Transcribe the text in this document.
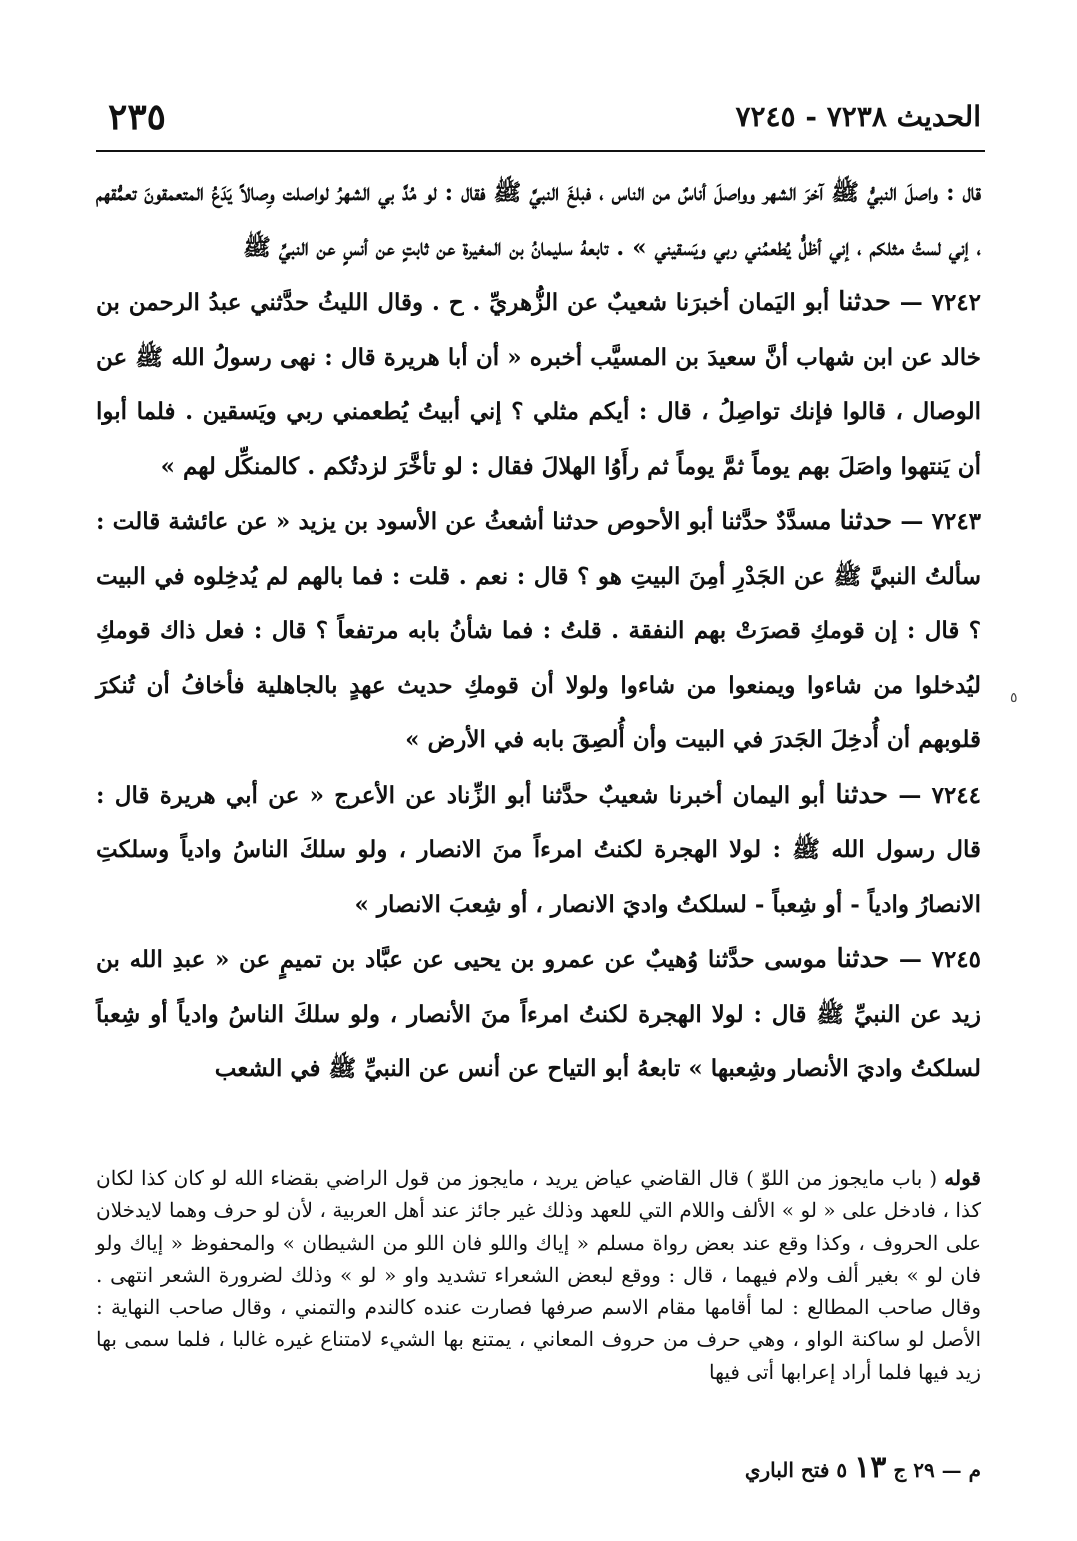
الحديث ٧٢٣٨ - ٧٢٤٥
٢٣٥

قال : واصلَ النبيُّ ﷺ آخرَ الشهر وواصلَ أناسٌ من الناس ، فبلغَ النبيَّ ﷺ فقال : لو مُدَّ بي الشهرُ لواصلت وِصالاً يَدَعُ المتعمقونَ تعمُّقهم ، إني لستُ مثلكم ، إني أظلُّ يُطعمُني ربي ويَسقيني » . تابعهُ سليمانُ بن المغيرة عن ثابتٍ عن أنسٍ عن النبيِّ ﷺ

٧٢٤٢ — حدثنا أبو اليَمان أخبرَنا شعيبٌ عن الزُّهريِّ . ح . وقال الليثُ حدَّثني عبدُ الرحمن بن خالد عن ابن شهاب أنَّ سعيدَ بن المسيَّب أخبره « أن أبا هريرة قال : نهى رسولُ الله ﷺ عن الوصال ، قالوا فإنك تواصِلُ ، قال : أيكم مثلي ؟ إني أبيتُ يُطعمني ربي ويَسقين . فلما أبوا أن يَنتهوا واصَلَ بهم يوماً ثمَّ يوماً ثم رأَوُا الهلالَ فقال : لو تأخَّرَ لزدتُكم . كالمنكِّل لهم »

٧٢٤٣ — حدثنا مسدَّدٌ حدَّثنا أبو الأحوص حدثنا أشعثُ عن الأسود بن يزيد « عن عائشة قالت : سألتُ النبيَّ ﷺ عن الجَدْرِ أمِنَ البيتِ هو ؟ قال : نعم . قلت : فما بالهم لم يُدخِلوه في البيت ؟ قال : إن قومكِ قصرَتْ بهم النفقة . قلتُ : فما شأنُ بابه مرتفعاً ؟ قال : فعل ذاك قومكِ ليُدخلوا من شاءوا ويمنعوا من شاءوا ولولا أن قومكِ حديث عهدٍ بالجاهلية فأخافُ أن تُنكرَ قلوبهم أن أُدخِلَ الجَدرَ في البيت وأن أُلصِقَ بابه في الأرض »

٧٢٤٤ — حدثنا أبو اليمان أخبرنا شعيبٌ حدَّثنا أبو الزِّناد عن الأعرج « عن أبي هريرة قال : قال رسول الله ﷺ : لولا الهجرة لكنتُ امرءاً منَ الانصار ، ولو سلكَ الناسُ وادياً وسلكتِ الانصارُ وادياً - أو شِعباً - لسلكتُ واديَ الانصار ، أو شِعبَ الانصار »

٧٢٤٥ — حدثنا موسى حدَّثنا وُهيبٌ عن عمرو بن يحيى عن عبَّاد بن تميمٍ عن « عبدِ الله بن زيد عن النبيِّ ﷺ قال : لولا الهجرة لكنتُ امرءاً منَ الأنصار ، ولو سلكَ الناسُ وادياً أو شِعباً لسلكتُ واديَ الأنصار وشِعبها » تابعهُ أبو التياح عن أنس عن النبيِّ ﷺ في الشعب

قوله ( باب مايجوز من اللوّ ) قال القاضي عياض يريد ، مايجوز من قول الراضي بقضاء الله لو كان كذا لكان كذا ، فادخل على « لو » الألف واللام التي للعهد وذلك غير جائز عند أهل العربية ، لأن لو حرف وهما لايدخلان على الحروف ، وكذا وقع عند بعض رواة مسلم « إياك واللو فان اللو من الشيطان » والمحفوظ « إياك ولو فان لو » بغير ألف ولام فيهما ، قال : ووقع لبعض الشعراء تشديد واو « لو » وذلك لضرورة الشعر انتهى . وقال صاحب المطالع : لما أقامها مقام الاسم صرفها فصارت عنده كالندم والتمني ، وقال صاحب النهاية : الأصل لو ساكنة الواو ، وهي حرف من حروف المعاني ، يمتنع بها الشيء لامتناع غيره غالبا ، فلما سمى بها زيد فيها فلما أراد إعرابها أتى فيها

م — ٢٩ ج ١٣ ٥ فتح الباري
٥
